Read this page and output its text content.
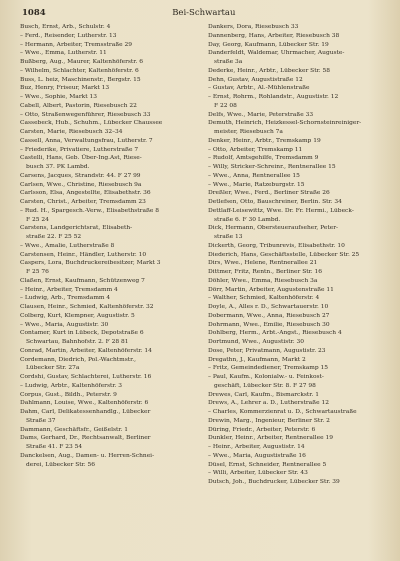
1084	Bei-Schwartau
Busch, Ernst, Arb., Schulstr. 4
– Ferd., Reisender, Lutherstr. 13
– Hermann, Arbeiter, Tremsstraße 29
– Wwe., Emma, Lutherstr. 11
Bußberg, Aug., Maurer, Kaltenhöferstr. 6
– Wilhelm, Schlachter, Kaltenhöferstr. 6
Buss, L. heiz, Maschinenstr., Bergstr. 15
Buz, Henry, Friseur, Markt 13
– Wwe., Sophie, Markt 13
Cabell, Albert, Pastorin, Riesebusch 22
– Otto, Straßenwegenführer, Riesebusch 33
Cassebeck, Hub., Schuhm., Lübecker Chaussee
Carsten, Marie, Riesebusch 32–34
Cassell, Anna, Verwaltungsfrau, Lutherstr. 7
– Friederike, Privatiere, Lutherstraße 7
Castelli, Hans, Geb. Über-Ing.Ast, Riese-
busch 37. PK Lambd.
Carsens, Jacques, Strandstr. 44. F 27 99
Carlsen, Wwe., Christine, Riesebusch 9a
Carlsson, Elsa, Angestellte, Elisabethstr. 36
Carsten, Christ., Arbeiter, Tremsdamm 23
– Rud. H., Spargesch.-Verw., Elisabethstraße 8
F 25 24
Carstens, Landgerichtsrat, Elisabeth-
straße 22. F 25 52
– Wwe., Amalie, Lutherstraße 8
Carstensen, Heinr., Händler, Lutherstr. 10
Caspers, Lora, Buchdruckereibesitzer, Markt 3
F 25 76
Claßen, Ernst, Kaufmann, Schützenweg 7
– Heinr., Arbeiter, Tremsdamm 4
– Ludwig, Arb., Tremsdamm 4
Clausen, Heinr., Schmied, Kaltenhöferstr. 32
Colberg, Kurt, Klempner, Augustistr. 5
– Wwe., Maria, Augustistr. 30
Contamer, Kurt in Lübeck, Depotstraße 6
Schwartau, Bahnhofstr. 2. F 28 81
Conrad, Martin, Arbeiter, Kaltenhöferstr. 14
Cordemann, Diedrich, Pol.-Wachtmstr.,
Lübecker Str. 27a
Cordshi, Gustav, Schlachterei, Lutherstr. 16
– Ludwig, Arbtr., Kaltenhöferstr. 3
Corpus, Gust., Bildh., Peterstr. 9
Dahlmann, Louise, Wwe., Kaltenhöferstr. 6
Dahm, Carl, Delikatessenhandlg., Lübecker
Straße 37
Dammann, Geschäftsfr., Geißelstr. 1
Dams, Gerhard, Dr., Rechtsanwalt, Berliner
Straße 41. F 23 54
Danckelsen, Aug., Damen- u. Herren-Schnei-
derei, Lübecker Str. 56
Dankers, Dora, Riesebusch 33
Dannenberg, Hans, Arbeiter, Riesebusch 38
Day, Georg, Kaufmann, Lübecker Str. 19
Danderfeldt, Waldemar, Uhrmacher, Auguste-
straße 3a
Dederke, Heinr., Arbtr., Lübecker Str. 58
Dehn, Gustav, Augustistraße 12
– Gustav, Arbtr., Al.-Mühlenstraße
– Ernst, Rohrm., Rohlandstr., Augustistr. 12
F 22 08
Delfs, Wwe., Marie, Peterstraße 33
Demuth, Heinrich, Heizkessel-Schornsteinreiniger-
meister, Riesebusch 7a
Denker, Heinr., Arbtr., Tremskamp 19
– Otto, Arbeiter, Tremskamp 11
– Rudolf, Amtsgehilfe, Tremsdamm 9
– Willy, Stricker-Schreinr., Rentnerallee 15
– Wwe., Anna, Rentnerallee 15
– Wwe., Marie, Ratzeburgstr. 15
Dreßler, Wwe., Ferd., Berliner Straße 26
Detlefsen, Otto, Bauschreiner, Berlin. Str. 34
Dettlaff-Leisewittz, Wwe. Dr. Fr. Hermi., Lübeck-
straße 6. F 30 Lambd.
Dick, Hermann, Obersteueraufseher, Peter-
straße 13
Dickerth, Georg, Tribunrevis, Elisabethstr. 10
Diederich, Hans, Geschäftsstelle, Lübecker Str. 25
Dirs, Wwe., Helene, Rentnerallee 21
Dittmer, Fritz, Rentn., Berliner Str. 16
Döhler, Wwe., Emma, Riesebusch 3a
Dörr, Martin, Arbeiter, Augustenstraße 11
– Walther, Schmied, Kaltenhöferstr. 4
Doyle, A., Alles r. D., Schwartauerstr. 10
Dobermann, Wwe., Anna, Riesebusch 27
Dohrmann, Wwe., Emilie, Riesebusch 30
Dohlberg, Herm., Arbt.-Angst., Riesebusch 4
Dortmund, Wwe., Augustistr. 30
Dose, Peter, Privatmann, Augustistr. 23
Dregathn, J., Kaufmann, Markt 2
– Fritz, Gemeindediener, Tremskamp 15
– Paul, Kaufm., Kolonialw.- u. Feinkost-
geschäft, Lübecker Str. 8. F 27 98
Drewes, Carl, Kaufm., Bismarckstr. 1
Drews, A., Lehrer a. D., Lutherstraße 12
– Charles, Kommerzienrat u. D., Schwartaustraße
Drewin, Marg., Ingenieur, Berliner Str. 2
Düring, Friedr., Arbeiter, Peterstr. 6
Dunkler, Heinr., Arbeiter, Rentnerallee 19
– Heinr., Arbeiter, Augustistr. 14
– Wwe., Maria, Augustistraße 16
Düsel, Ernst, Schneider, Rentnerallee 5
– Willi, Arbeiter, Lübecker Str. 43
Dutsch, Joh., Buchdrucker, Lübecker Str. 39
